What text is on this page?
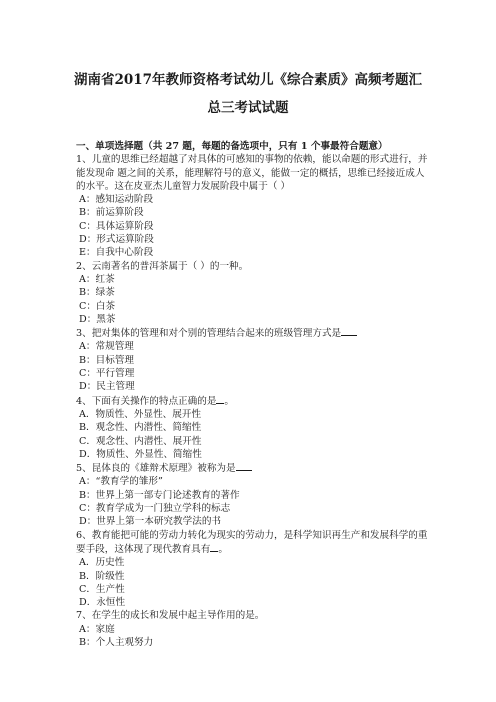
湖南省2017年教师资格考试幼儿《综合素质》高频考题汇
总三考试试题
一、单项选择题（共 27 题，每题的备选项中，只有 1 个事最符合题意）
1、儿童的思维已经超越了对具体的可感知的事物的依赖，能以命题的形式进行，并能发现命 题之间的关系，能理解符号的意义，能做一定的概括，思维已经接近成人的水平。这在皮亚杰儿童智力发展阶段中属于（ ）
A：感知运动阶段
B：前运算阶段
C：具体运算阶段
D：形式运算阶段
E：自我中心阶段
2、云南著名的普洱茶属于（ ）的一种。
A：红茶
B：绿茶
C：白茶
D：黑茶
3、把对集体的管理和对个别的管理结合起来的班级管理方式是
A：常规管理
B：目标管理
C：平行管理
D：民主管理
4、下面有关操作的特点正确的是 。
A．物质性、外显性、展开性
B．观念性、内潜性、简缩性
C．观念性、内潜性、展开性
D．物质性、外显性、简缩性
5、昆体良的《雄辩术原理》被称为是
A：“教育学的雏形”
B：世界上第一部专门论述教育的著作
C：教育学成为一门独立学科的标志
D：世界上第一本研究教学法的书
6、教育能把可能的劳动力转化为现实的劳动力，是科学知识再生产和发展科学的重要手段，这体现了现代教育具有 。
A．历史性
B．阶级性
C．生产性
D．永恒性
7、在学生的成长和发展中起主导作用的是。
A：家庭
B：个人主观努力
